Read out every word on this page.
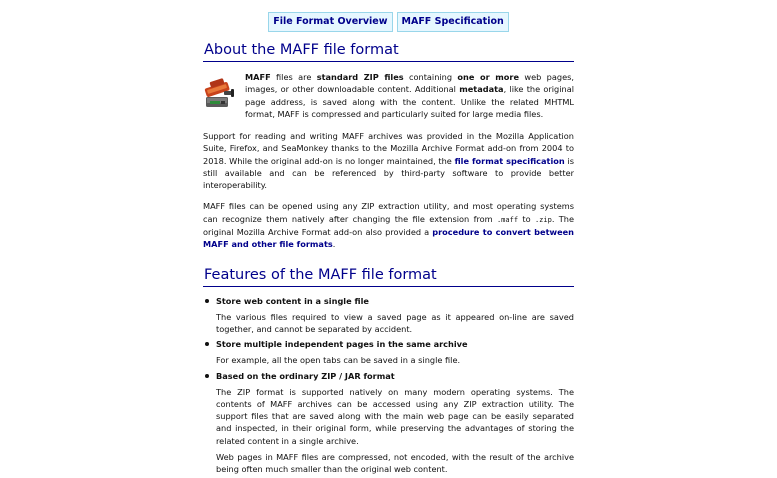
File Format Overview MAFF Specification
About the MAFF file format

MAFF files are standard ZIP files containing one or more web pages, images, or other downloadable content. Additional metadata, like the original page address, is saved along with the content. Unlike the related MHTML format, MAFF is compressed and particularly suited for large media files.

Support for reading and writing MAFF archives was provided in the Mozilla Application Suite, Firefox, and SeaMonkey thanks to the Mozilla Archive Format add-on from 2004 to 2018. While the original add-on is no longer maintained, the file format specification is still available and can be referenced by third-party software to provide better interoperability.

MAFF files can be opened using any ZIP extraction utility, and most operating systems can recognize them natively after changing the file extension from .maff to .zip. The original Mozilla Archive Format add-on also provided a procedure to convert between MAFF and other file formats.

Features of the MAFF file format
Store web content in a single file

The various files required to view a saved page as it appeared on-line are saved together, and cannot be separated by accident.

Store multiple independent pages in the same archive

For example, all the open tabs can be saved in a single file.

Based on the ordinary ZIP / JAR format

The ZIP format is supported natively on many modern operating systems. The contents of MAFF archives can be accessed using any ZIP extraction utility. The support files that are saved along with the main web page can be easily separated and inspected, in their original form, while preserving the advantages of storing the related content in a single archive.

Web pages in MAFF files are compressed, not encoded, with the result of the archive being often much smaller than the original web content.
